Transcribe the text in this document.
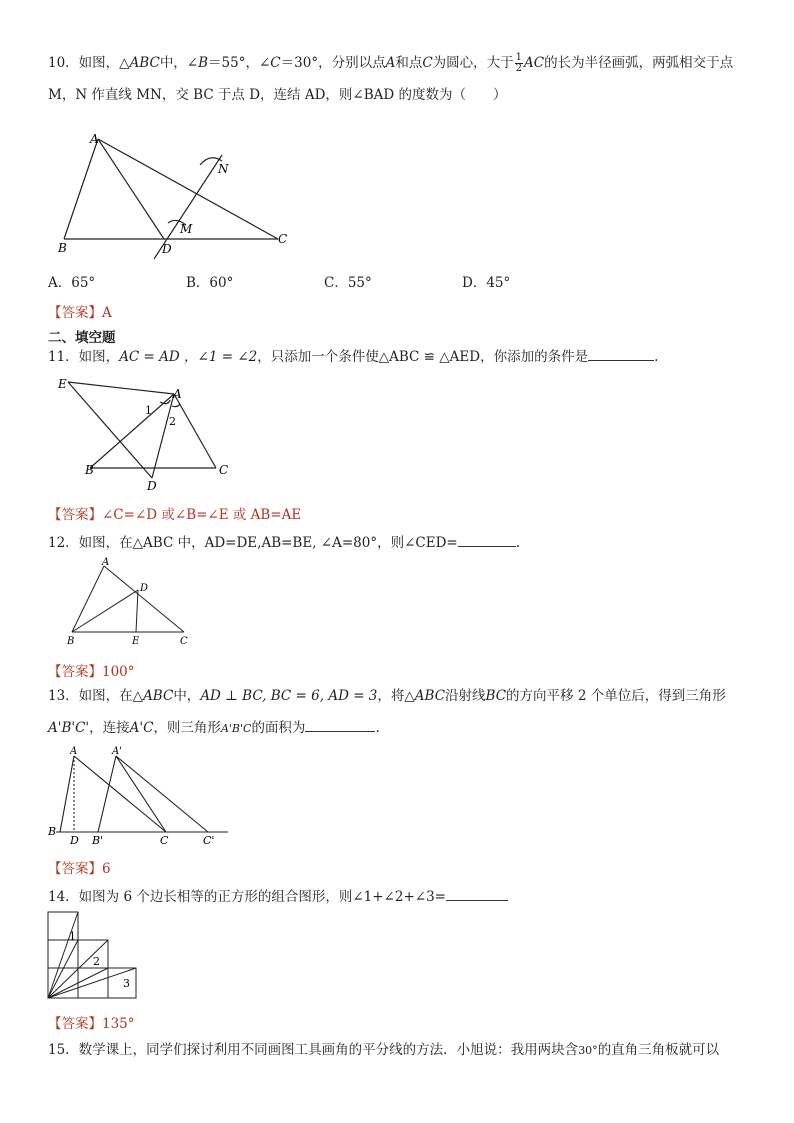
10．如图，△ABC中，∠B＝55°，∠C＝30°，分别以点A和点C为圆心，大于 $\frac{1}{2}$ AC的长为半径画弧，两弧相交于点
M，N 作直线 MN，交 BC 于点 D，连结 AD，则∠BAD 的度数为（　　）
A
B
C
D
M
N
A．65°	B．60°	C．55°	D．45°
【答案】A
二、填空题
11．如图，AC = AD ，∠1 = ∠2，只添加一个条件使△ABC ≌ △AED，你添加的条件是	.
E
A
1
2
B	C
D
【答案】∠C=∠D 或∠B=∠E 或 AB=AE
12．如图，在△ABC 中，AD=DE,AB=BE, ∠A=80°，则∠CED=	.
A
D
B	E	C
【答案】100°
13．如图，在△ABC中，AD ⊥ BC, BC = 6, AD = 3，将△ABC沿射线BC的方向平移 2 个单位后，得到三角形
A'B'C'，连接A'C，则三角形A'B'C的面积为	.
A	A'
B
D B'	C	C'
【答案】6
14．如图为 6 个边长相等的正方形的组合图形，则∠1+∠2+∠3=
1
2
3
【答案】135°
15．数学课上，同学们探讨利用不同画图工具画角的平分线的方法．小旭说：我用两块含30°的直角三角板就可以
